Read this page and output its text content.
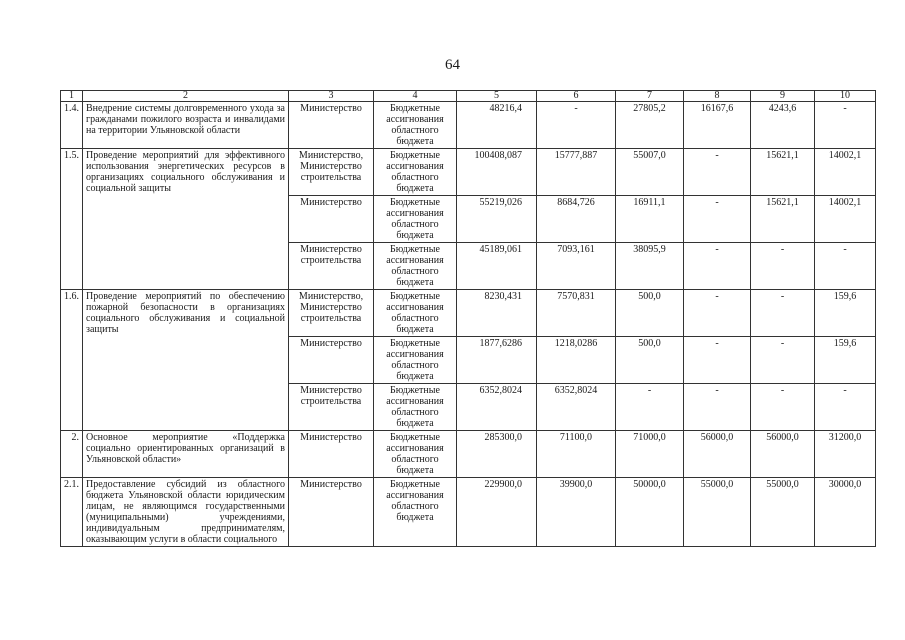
64
1	2	3	4	5	6	7	8	9	10
1.4.	Внедрение системы долговременного ухода за гражданами пожилого возраста и инвалидами на территории Ульяновской области	Министерство	Бюджетные ассигнования областного бюджета	48216,4	-	27805,2	16167,6	4243,6	-
1.5.	Проведение мероприятий для эффективного использования энергетических ресурсов в организациях социального обслуживания и социальной защиты	Министерство, Министерство строительства	Бюджетные ассигнования областного бюджета	100408,087	15777,887	55007,0	-	15621,1	14002,1
		Министерство	Бюджетные ассигнования областного бюджета	55219,026	8684,726	16911,1	-	15621,1	14002,1
		Министерство строительства	Бюджетные ассигнования областного бюджета	45189,061	7093,161	38095,9	-	-	-
1.6.	Проведение мероприятий по обеспечению пожарной безопасности в организациях социального обслуживания и социальной защиты	Министерство, Министерство строительства	Бюджетные ассигнования областного бюджета	8230,431	7570,831	500,0	-	-	159,6
		Министерство	Бюджетные ассигнования областного бюджета	1877,6286	1218,0286	500,0	-	-	159,6
		Министерство строительства	Бюджетные ассигнования областного бюджета	6352,8024	6352,8024	-	-	-	-
2.	Основное мероприятие «Поддержка социально ориентированных организаций в Ульяновской области»	Министерство	Бюджетные ассигнования областного бюджета	285300,0	71100,0	71000,0	56000,0	56000,0	31200,0
2.1.	Предоставление субсидий из областного бюджета Ульяновской области юридическим лицам, не являющимся государственными (муниципальными) учреждениями, индивидуальным предпринимателям, оказывающим услуги в области социального	Министерство	Бюджетные ассигнования областного бюджета	229900,0	39900,0	50000,0	55000,0	55000,0	30000,0
